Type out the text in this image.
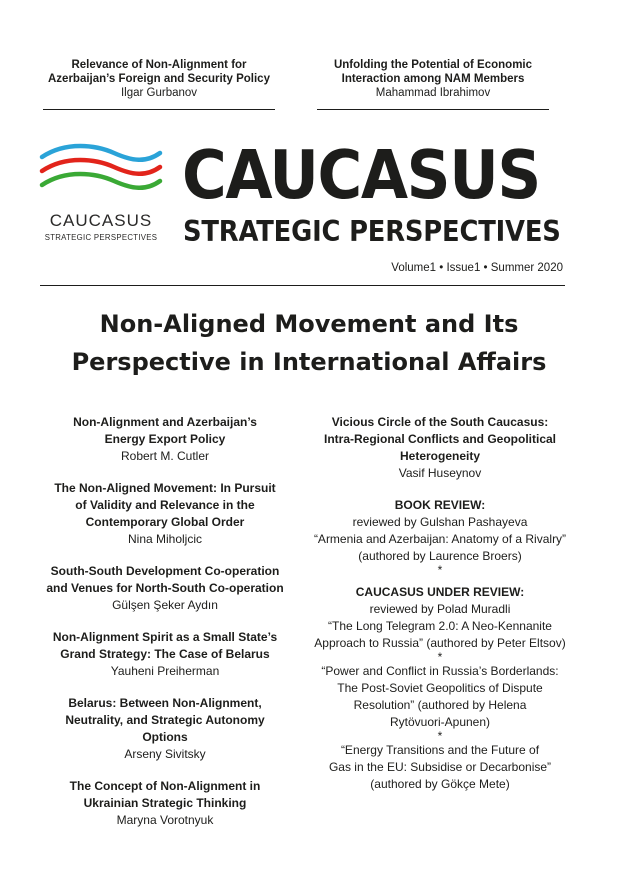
Relevance of Non-Alignment for
Azerbaijan’s Foreign and Security Policy
Ilgar Gurbanov
Unfolding the Potential of Economic
Interaction among NAM Members
Mahammad Ibrahimov
CAUCASUS
STRATEGIC PERSPECTIVES
CAUCASUS
STRATEGIC PERSPECTIVES
Volume1 • Issue1 • Summer 2020
Non-Aligned Movement and Its
Perspective in International Affairs
Non-Alignment and Azerbaijan’s
Energy Export Policy
Robert M. Cutler
The Non-Aligned Movement: In Pursuit
of Validity and Relevance in the
Contemporary Global Order
Nina Miholjcic
South-South Development Co-operation
and Venues for North-South Co-operation
Gülşen Şeker Aydın
Non-Alignment Spirit as a Small State’s
Grand Strategy: The Case of Belarus
Yauheni Preiherman
Belarus: Between Non-Alignment,
Neutrality, and Strategic Autonomy
Options
Arseny Sivitsky
The Concept of Non-Alignment in
Ukrainian Strategic Thinking
Maryna Vorotnyuk
Vicious Circle of the South Caucasus:
Intra-Regional Conflicts and Geopolitical
Heterogeneity
Vasif Huseynov
BOOK REVIEW:
reviewed by Gulshan Pashayeva
“Armenia and Azerbaijan: Anatomy of a Rivalry”
(authored by Laurence Broers)
*
CAUCASUS UNDER REVIEW:
reviewed by Polad Muradli
“The Long Telegram 2.0: A Neo-Kennanite
Approach to Russia” (authored by Peter Eltsov)
*
“Power and Conflict in Russia’s Borderlands:
The Post-Soviet Geopolitics of Dispute
Resolution” (authored by Helena
Rytövuori-Apunen)
*
“Energy Transitions and the Future of
Gas in the EU: Subsidise or Decarbonise”
(authored by Gökçe Mete)
